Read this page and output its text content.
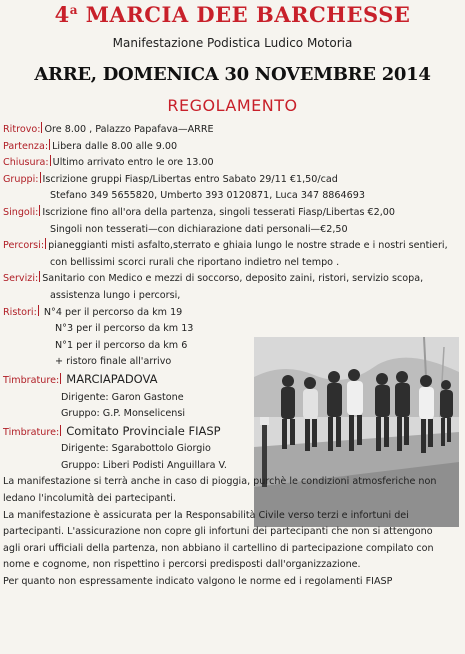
4$^a$ MARCIA DEE BARCHESSE
Manifestazione Podistica Ludico Motoria
ARRE, DOMENICA 30 NOVEMBRE 2014
REGOLAMENTO
Ritrovo: Ore 8.00 , Palazzo Papafava—ARRE
Partenza: Libera dalle 8.00 alle 9.00
Chiusura: Ultimo arrivato entro le ore 13.00
Gruppi: Iscrizione gruppi Fiasp/Libertas entro Sabato 29/11 €1,50/cad
Stefano 349 5655820, Umberto 393 0120871, Luca 347 8864693
Singoli: Iscrizione fino all'ora della partenza, singoli tesserati Fiasp/Libertas €2,00
Singoli non tesserati—con dichiarazione dati personali—€2,50
Percorsi: pianeggianti misti asfalto,sterrato e ghiaia lungo le nostre strade e i nostri sentieri,
con bellissimi scorci rurali che riportano indietro nel tempo .
Servizi: Sanitario con Medico e mezzi di soccorso, deposito zaini, ristori, servizio scopa,
assistenza lungo i percorsi,
Ristori: N°4 per il percorso da km 19
N°3 per il percorso da km 13
N°1 per il percorso da km 6
+ ristoro finale all'arrivo
Timbrature: MARCIAPADOVA
Dirigente: Garon Gastone
Gruppo: G.P. Monselicensi
Timbrature: Comitato Provinciale FIASP
Dirigente: Sgarabottolo Giorgio
Gruppo: Liberi Podisti Anguillara V.
La manifestazione si terrà anche in caso di pioggia, purchè le condizioni atmosferiche non
ledano l'incolumità dei partecipanti.
La manifestazione è assicurata per la Responsabilità Civile verso terzi e infortuni dei
partecipanti. L'assicurazione non copre gli infortuni dei partecipanti che non si attengono
agli orari ufficiali della partenza, non abbiano il cartellino di partecipazione compilato con
nome e cognome, non rispettino i percorsi predisposti dall'organizzazione.
Per quanto non espressamente indicato valgono le norme ed i regolamenti FIASP
